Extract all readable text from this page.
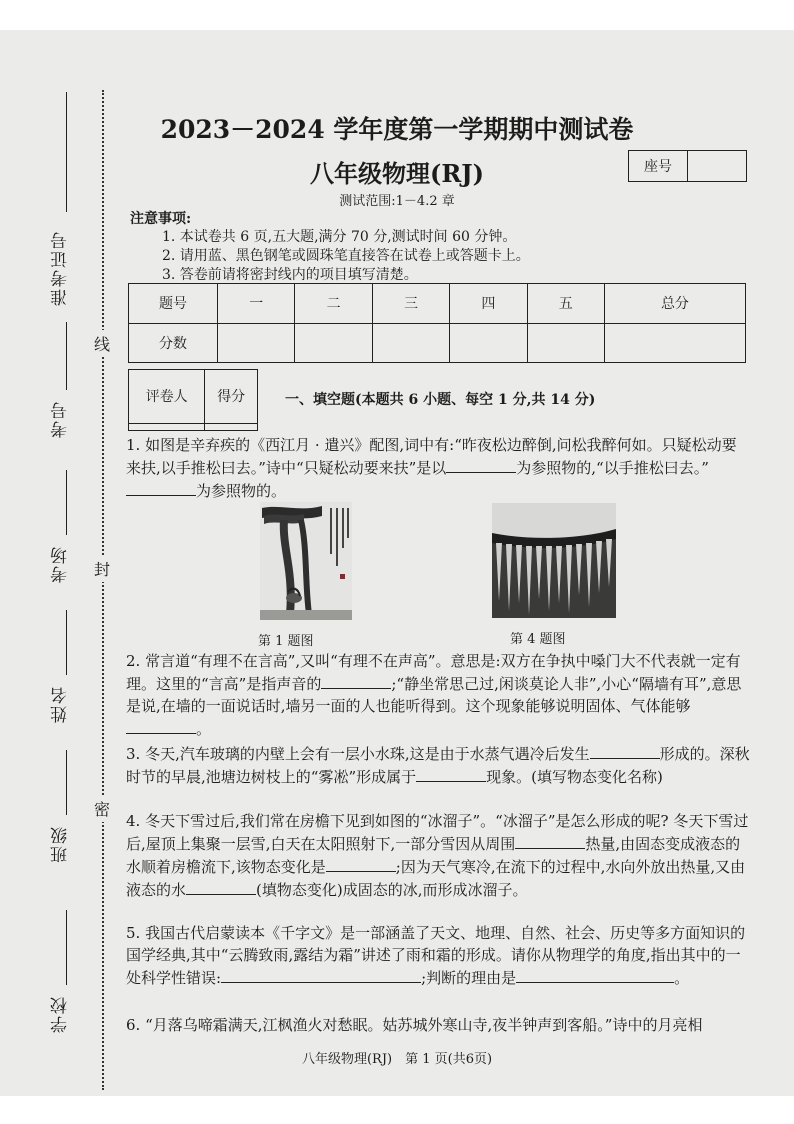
准考证号
考号
考场
姓名
班级
学校
线
封
密
2023－2024 学年度第一学期期中测试卷
八年级物理(RJ)	座号
测试范围:1－4.2 章
注意事项:
1. 本试卷共 6 页,五大题,满分 70 分,测试时间 60 分钟。
2. 请用蓝、黑色钢笔或圆珠笔直接答在试卷上或答题卡上。
3. 答卷前请将密封线内的项目填写清楚。
题号	一	二	三	四	五	总分
分数						
评卷人	得分
		一、填空题(本题共 6 小题、每空 1 分,共 14 分)
1. 如图是辛弃疾的《西江月 · 遣兴》配图,词中有:“昨夜松边醉倒,问松我醉何如。只疑松动要来扶,以手推松曰去。”诗中“只疑松动要来扶”是以	为参照物的,“以手推松曰去。”为参照物的。
第 1 题图	第 4 题图
2. 常言道“有理不在言高”,又叫“有理不在声高”。意思是:双方在争执中嗓门大不代表就一定有理。这里的“言高”是指声音的	;“静坐常思己过,闲谈莫论人非”,小心“隔墙有耳”,意思是说,在墙的一面说话时,墙另一面的人也能听得到。这个现象能够说明固体、气体能够。
3. 冬天,汽车玻璃的内壁上会有一层小水珠,这是由于水蒸气遇冷后发生	形成的。深秋时节的早晨,池塘边树枝上的“雾凇”形成属于	现象。(填写物态变化名称)
4. 冬天下雪过后,我们常在房檐下见到如图的“冰溜子”。“冰溜子”是怎么形成的呢? 冬天下雪过后,屋顶上集聚一层雪,白天在太阳照射下,一部分雪因从周围	热量,由固态变成液态的水顺着房檐流下,该物态变化是	;因为天气寒冷,在流下的过程中,水向外放出热量,又由液态的水	(填物态变化)成固态的冰,而形成冰溜子。
5. 我国古代启蒙读本《千字文》是一部涵盖了天文、地理、自然、社会、历史等多方面知识的国学经典,其中“云腾致雨,露结为霜”讲述了雨和霜的形成。请你从物理学的角度,指出其中的一处科学性错误:	;判断的理由是	。
6. “月落乌啼霜满天,江枫渔火对愁眠。姑苏城外寒山寺,夜半钟声到客船。”诗中的月亮相
八年级物理(RJ)　第 1 页(共6页)
